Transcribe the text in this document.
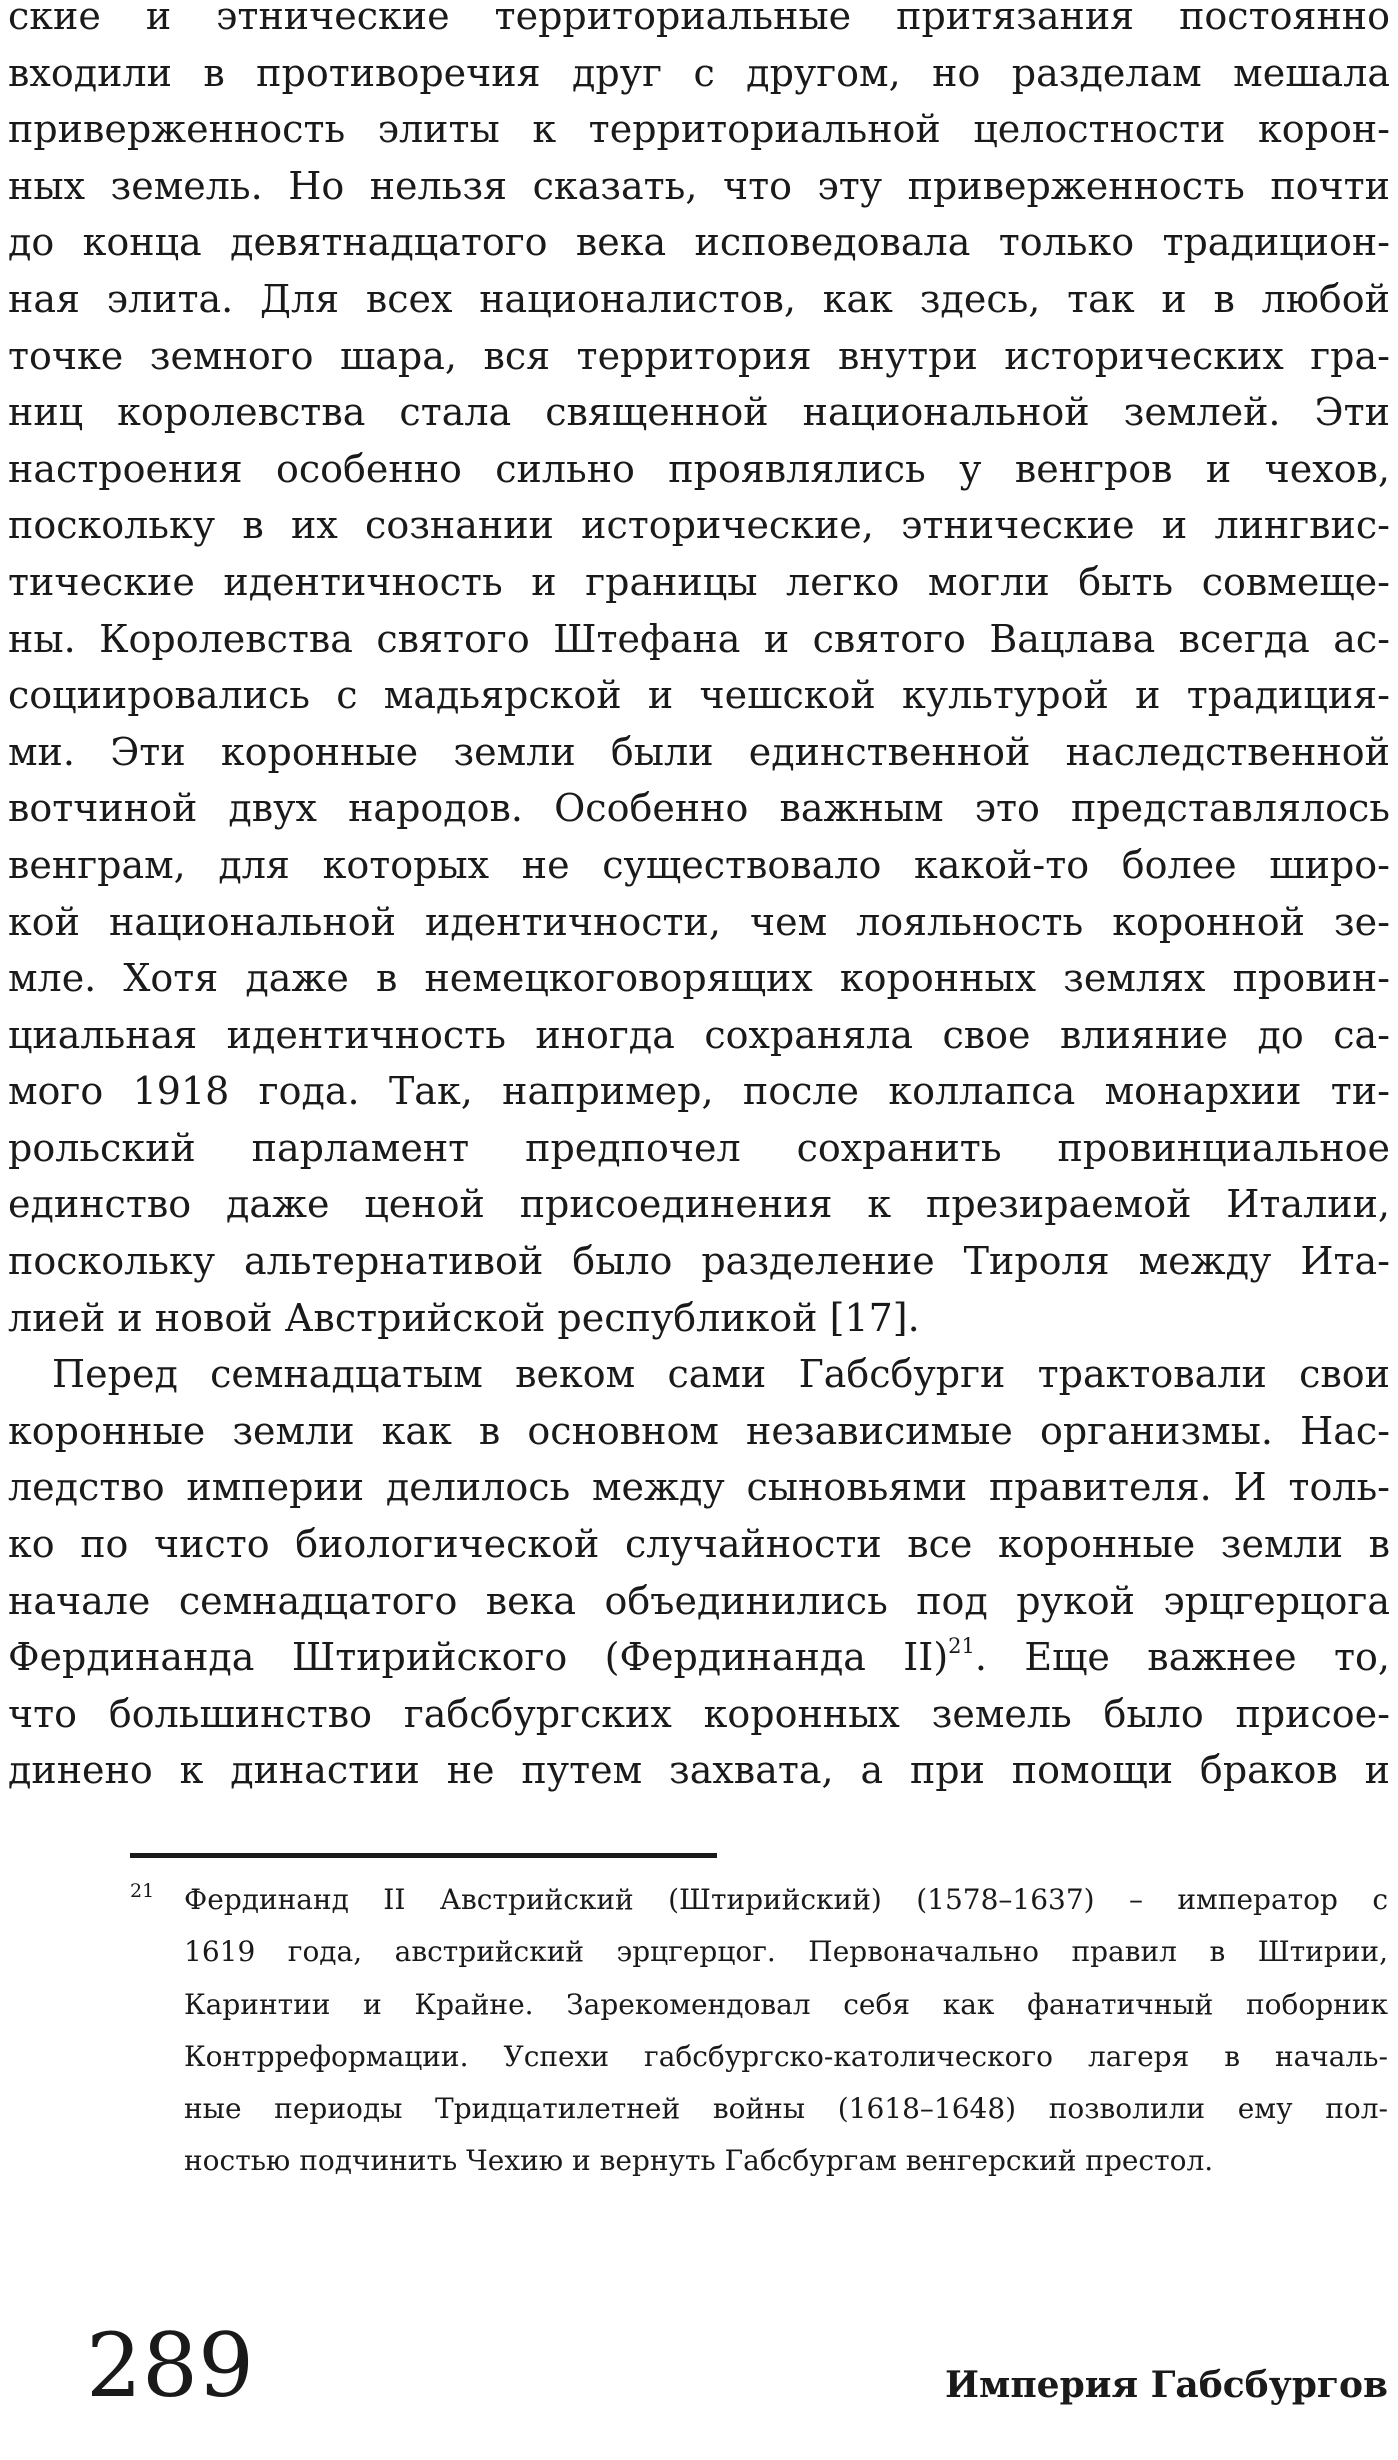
ские и этнические территориальные притязания постоянно
входили в противоречия друг с другом, но разделам мешала
приверженность элиты к территориальной целостности корон-
ных земель. Но нельзя сказать, что эту приверженность почти
до конца девятнадцатого века исповедовала только традицион-
ная элита. Для всех националистов, как здесь, так и в любой
точке земного шара, вся территория внутри исторических гра-
ниц королевства стала священной национальной землей. Эти
настроения особенно сильно проявлялись у венгров и чехов,
поскольку в их сознании исторические, этнические и лингвис-
тические идентичность и границы легко могли быть совмеще-
ны. Королевства святого Штефана и святого Вацлава всегда ас-
социировались с мадьярской и чешской культурой и традиция-
ми. Эти коронные земли были единственной наследственной
вотчиной двух народов. Особенно важным это представлялось
венграм, для которых не существовало какой-то более широ-
кой национальной идентичности, чем лояльность коронной зе-
мле. Хотя даже в немецкоговорящих коронных землях провин-
циальная идентичность иногда сохраняла свое влияние до са-
мого 1918 года. Так, например, после коллапса монархии ти-
рольский парламент предпочел сохранить провинциальное
единство даже ценой присоединения к презираемой Италии,
поскольку альтернативой было разделение Тироля между Ита-
лией и новой Австрийской республикой [17].
Перед семнадцатым веком сами Габсбурги трактовали свои
коронные земли как в основном независимые организмы. Нас-
ледство империи делилось между сыновьями правителя. И толь-
ко по чисто биологической случайности все коронные земли в
начале семнадцатого века объединились под рукой эрцгерцога
Фердинанда Штирийского (Фердинанда II)$^{21}$. Еще важнее то,
что большинство габсбургских коронных земель было присое-
динено к династии не путем захвата, а при помощи браков и
21 Фердинанд II Австрийский (Штирийский) (1578–1637) – император с
1619 года, австрийский эрцгерцог. Первоначально правил в Штирии,
Каринтии и Крайне. Зарекомендовал себя как фанатичный поборник
Контрреформации. Успехи габсбургско-католического лагеря в началь-
ные периоды Тридцатилетней войны (1618–1648) позволили ему пол-
ностью подчинить Чехию и вернуть Габсбургам венгерский престол.
289	Империя Габсбургов
